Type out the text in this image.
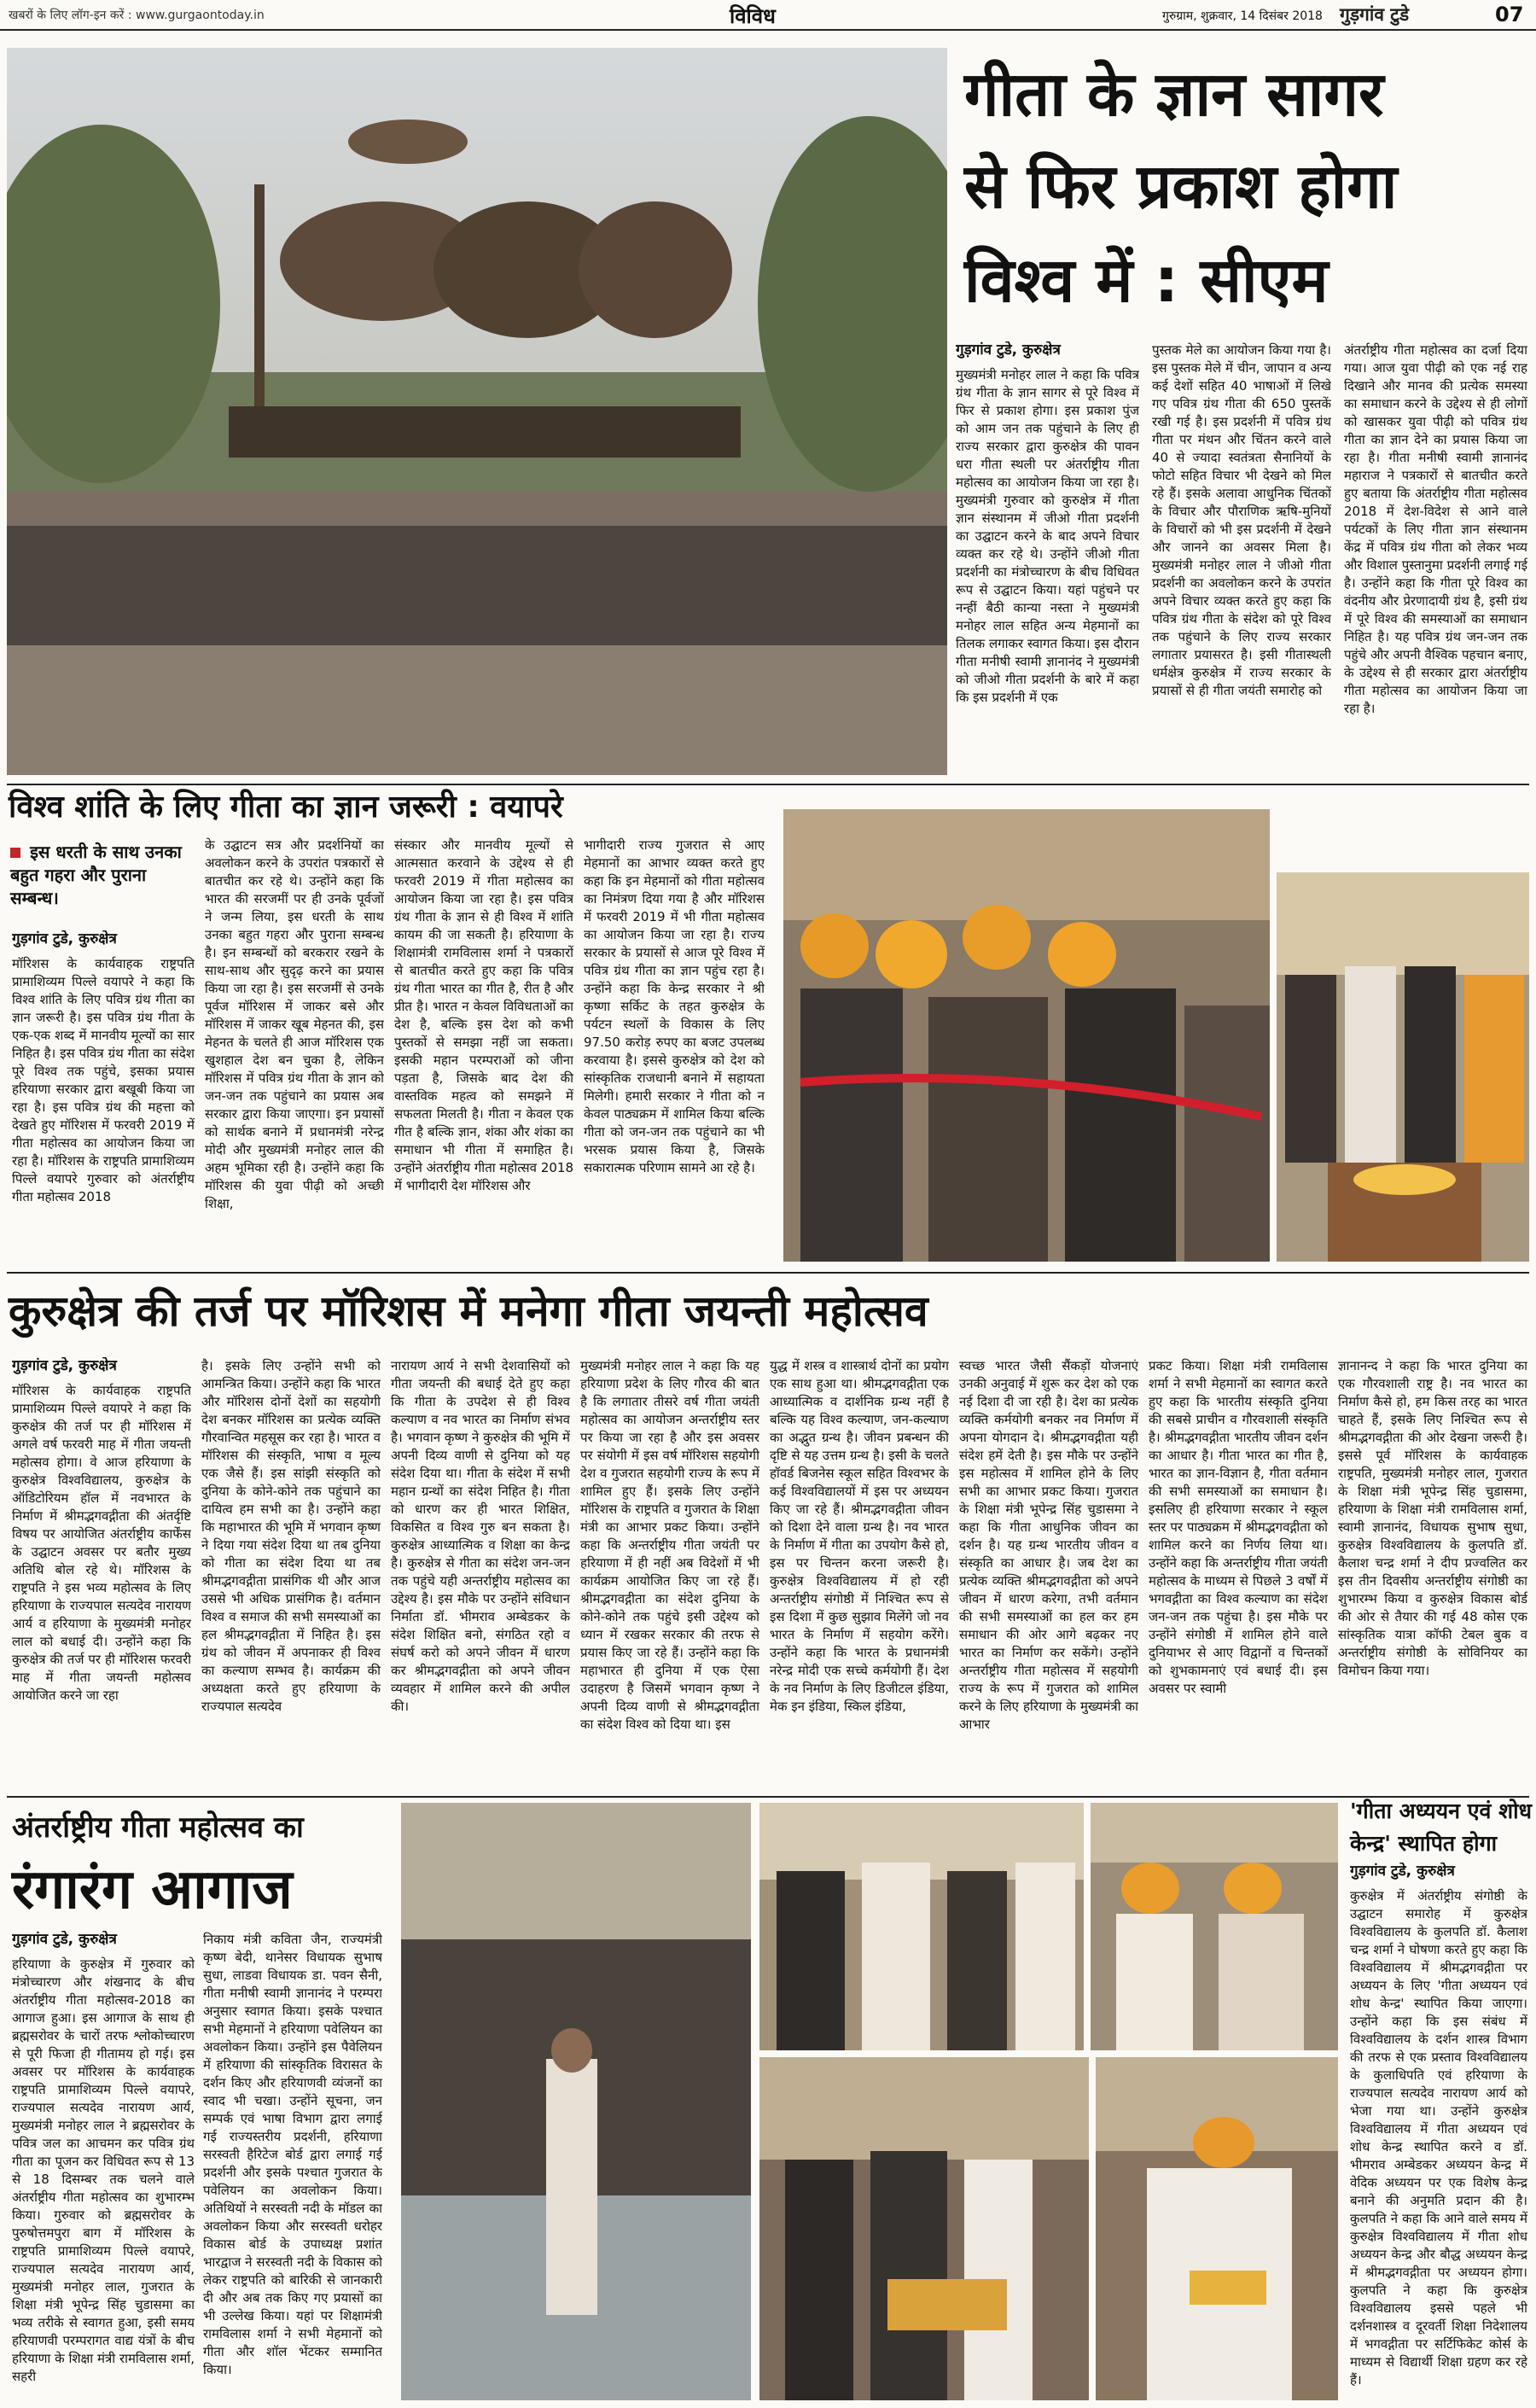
खबरों के लिए लॉग-इन करें : www.gurgaontoday.in	विविध	गुरुग्राम, शुक्रवार, 14 दिसंबर 2018 गुड़गांव टुडे	07
गीता के ज्ञान सागर
से फिर प्रकाश होगा
विश्व में : सीएम
गुड़गांव टुडे, कुरुक्षेत्र
मुख्यमंत्री मनोहर लाल ने कहा कि पवित्र ग्रंथ गीता के ज्ञान सागर से पूरे विश्व में फिर से प्रकाश होगा। इस प्रकाश पुंज को आम जन तक पहुंचाने के लिए ही राज्य सरकार द्वारा कुरुक्षेत्र की पावन धरा गीता स्थली पर अंतर्राष्ट्रीय गीता महोत्सव का आयोजन किया जा रहा है। मुख्यमंत्री गुरुवार को कुरुक्षेत्र में गीता ज्ञान संस्थानम में जीओ गीता प्रदर्शनी का उद्घाटन करने के बाद अपने विचार व्यक्त कर रहे थे। उन्होंने जीओ गीता प्रदर्शनी का मंत्रोच्चारण के बीच विधिवत रूप से उद्घाटन किया। यहां पहुंचने पर नन्हीं बैठी कान्या नस्ता ने मुख्यमंत्री मनोहर लाल सहित अन्य मेहमानों का तिलक लगाकर स्वागत किया। इस दौरान गीता मनीषी स्वामी ज्ञानानंद ने मुख्यमंत्री को जीओ गीता प्रदर्शनी के बारे में कहा कि इस प्रदर्शनी में एक
पुस्तक मेले का आयोजन किया गया है। इस पुस्तक मेले में चीन, जापान व अन्य कई देशों सहित 40 भाषाओं में लिखे गए पवित्र ग्रंथ गीता की 650 पुस्तकें रखी गई है। इस प्रदर्शनी में पवित्र ग्रंथ गीता पर मंथन और चिंतन करने वाले 40 से ज्यादा स्वतंत्रता सैनानियों के फोटो सहित विचार भी देखने को मिल रहे हैं। इसके अलावा आधुनिक चिंतकों के विचार और पौराणिक ऋषि-मुनियों के विचारों को भी इस प्रदर्शनी में देखने और जानने का अवसर मिला है। मुख्यमंत्री मनोहर लाल ने जीओ गीता प्रदर्शनी का अवलोकन करने के उपरांत अपने विचार व्यक्त करते हुए कहा कि पवित्र ग्रंथ गीता के संदेश को पूरे विश्व तक पहुंचाने के लिए राज्य सरकार लगातार प्रयासरत है। इसी गीतास्थली धर्मक्षेत्र कुरुक्षेत्र में राज्य सरकार के प्रयासों से ही गीता जयंती समारोह को
अंतर्राष्ट्रीय गीता महोत्सव का दर्जा दिया गया। आज युवा पीढ़ी को एक नई राह दिखाने और मानव की प्रत्येक समस्या का समाधान करने के उद्देश्य से ही लोगों को खासकर युवा पीढ़ी को पवित्र ग्रंथ गीता का ज्ञान देने का प्रयास किया जा रहा है। गीता मनीषी स्वामी ज्ञानानंद महाराज ने पत्रकारों से बातचीत करते हुए बताया कि अंतर्राष्ट्रीय गीता महोत्सव 2018 में देश-विदेश से आने वाले पर्यटकों के लिए गीता ज्ञान संस्थानम केंद्र में पवित्र ग्रंथ गीता को लेकर भव्य और विशाल पुस्तानुमा प्रदर्शनी लगाई गई है। उन्होंने कहा कि गीता पूरे विश्व का वंदनीय और प्रेरणादायी ग्रंथ है, इसी ग्रंथ में पूरे विश्व की समस्याओं का समाधान निहित है। यह पवित्र ग्रंथ जन-जन तक पहुंचे और अपनी वैश्विक पहचान बनाए, के उद्देश्य से ही सरकार द्वारा अंतर्राष्ट्रीय गीता महोत्सव का आयोजन किया जा रहा है।
विश्व शांति के लिए गीता का ज्ञान जरूरी : वयापरे
इस धरती के साथ उनका बहुत गहरा और पुराना सम्बन्ध।
गुड़गांव टुडे, कुरुक्षेत्र
मॉरिशस के कार्यवाहक राष्ट्रपति प्रामाशिव्यम पिल्ले वयापरे ने कहा कि विश्व शांति के लिए पवित्र ग्रंथ गीता का ज्ञान जरूरी है। इस पवित्र ग्रंथ गीता के एक-एक शब्द में मानवीय मूल्यों का सार निहित है। इस पवित्र ग्रंथ गीता का संदेश पूरे विश्व तक पहुंचे, इसका प्रयास हरियाणा सरकार द्वारा बखूबी किया जा रहा है। इस पवित्र ग्रंथ की महत्ता को देखते हुए मॉरिशस में फरवरी 2019 में गीता महोत्सव का आयोजन किया जा रहा है। मॉरिशस के राष्ट्रपति प्रामाशिव्यम पिल्ले वयापरे गुरुवार को अंतर्राष्ट्रीय गीता महोत्सव 2018
के उद्घाटन सत्र और प्रदर्शनियों का अवलोकन करने के उपरांत पत्रकारों से बातचीत कर रहे थे। उन्होंने कहा कि भारत की सरजमीं पर ही उनके पूर्वजों ने जन्म लिया, इस धरती के साथ उनका बहुत गहरा और पुराना सम्बन्ध है। इन सम्बन्धों को बरकरार रखने के साथ-साथ और सुदृढ़ करने का प्रयास किया जा रहा है। इस सरजमीं से उनके पूर्वज मॉरिशस में जाकर बसे और मॉरिशस में जाकर खूब मेहनत की, इस मेहनत के चलते ही आज मॉरिशस एक खुशहाल देश बन चुका है, लेकिन मॉरिशस में पवित्र ग्रंथ गीता के ज्ञान को जन-जन तक पहुंचाने का प्रयास अब सरकार द्वारा किया जाएगा। इन प्रयासों को सार्थक बनाने में प्रधानमंत्री नरेन्द्र मोदी और मुख्यमंत्री मनोहर लाल की अहम भूमिका रही है। उन्होंने कहा कि मॉरिशस की युवा पीढ़ी को अच्छी शिक्षा,
संस्कार और मानवीय मूल्यों से आत्मसात करवाने के उद्देश्य से ही फरवरी 2019 में गीता महोत्सव का आयोजन किया जा रहा है। इस पवित्र ग्रंथ गीता के ज्ञान से ही विश्व में शांति कायम की जा सकती है। हरियाणा के शिक्षामंत्री रामविलास शर्मा ने पत्रकारों से बातचीत करते हुए कहा कि पवित्र ग्रंथ गीता भारत का गीत है, रीत है और प्रीत है। भारत न केवल विविधताओं का देश है, बल्कि इस देश को कभी पुस्तकों से समझा नहीं जा सकता। इसकी महान परम्पराओं को जीना पड़ता है, जिसके बाद देश की वास्तविक महत्व को समझने में सफलता मिलती है। गीता न केवल एक गीत है बल्कि ज्ञान, शंका और शंका का समाधान भी गीता में समाहित है। उन्होंने अंतर्राष्ट्रीय गीता महोत्सव 2018 में भागीदारी देश मॉरिशस और
भागीदारी राज्य गुजरात से आए मेहमानों का आभार व्यक्त करते हुए कहा कि इन मेहमानों को गीता महोत्सव का निमंत्रण दिया गया है और मॉरिशस में फरवरी 2019 में भी गीता महोत्सव का आयोजन किया जा रहा है। राज्य सरकार के प्रयासों से आज पूरे विश्व में पवित्र ग्रंथ गीता का ज्ञान पहुंच रहा है। उन्होंने कहा कि केन्द्र सरकार ने श्री कृष्णा सर्किट के तहत कुरुक्षेत्र के पर्यटन स्थलों के विकास के लिए 97.50 करोड़ रुपए का बजट उपलब्ध करवाया है। इससे कुरुक्षेत्र को देश को सांस्कृतिक राजधानी बनाने में सहायता मिलेगी। हमारी सरकार ने गीता को न केवल पाठ्यक्रम में शामिल किया बल्कि गीता को जन-जन तक पहुंचाने का भी भरसक प्रयास किया है, जिसके सकारात्मक परिणाम सामने आ रहे है।
कुरुक्षेत्र की तर्ज पर मॉरिशस में मनेगा गीता जयन्ती महोत्सव
गुड़गांव टुडे, कुरुक्षेत्र
मॉरिशस के कार्यवाहक राष्ट्रपति प्रामाशिव्यम पिल्ले वयापरे ने कहा कि कुरुक्षेत्र की तर्ज पर ही मॉरिशस में अगले वर्ष फरवरी माह में गीता जयन्ती महोत्सव होगा। वे आज हरियाणा के कुरुक्षेत्र विश्वविद्यालय, कुरुक्षेत्र के ऑडिटोरियम हॉल में नवभारत के निर्माण में श्रीमद्भगवद्गीता की अंतर्दृष्टि विषय पर आयोजित अंतर्राष्ट्रीय कार्फेंस के उद्घाटन अवसर पर बतौर मुख्य अतिथि बोल रहे थे। मॉरिशस के राष्ट्रपति ने इस भव्य महोत्सव के लिए हरियाणा के राज्यपाल सत्यदेव नारायण आर्य व हरियाणा के मुख्यमंत्री मनोहर लाल को बधाई दी। उन्होंने कहा कि कुरुक्षेत्र की तर्ज पर ही मॉरिशस फरवरी माह में गीता जयन्ती महोत्सव आयोजित करने जा रहा
है। इसके लिए उन्होंने सभी को आमन्त्रित किया। उन्होंने कहा कि भारत और मॉरिशस दोनों देशों का सहयोगी देश बनकर मॉरिशस का प्रत्येक व्यक्ति गौरवान्वित महसूस कर रहा है। भारत व मॉरिशस की संस्कृति, भाषा व मूल्य एक जैसे हैं। इस सांझी संस्कृति को दुनिया के कोने-कोने तक पहुंचाने का दायित्व हम सभी का है। उन्होंने कहा कि महाभारत की भूमि में भगवान कृष्ण ने दिया गया संदेश दिया था तब दुनिया को गीता का संदेश दिया था तब श्रीमद्भगवद्गीता प्रासंगिक थी और आज उससे भी अधिक प्रासंगिक है। वर्तमान विश्व व समाज की सभी समस्याओं का हल श्रीमद्भगवद्गीता में निहित है। इस ग्रंथ को जीवन में अपनाकर ही विश्व का कल्याण सम्भव है। कार्यक्रम की अध्यक्षता करते हुए हरियाणा के राज्यपाल सत्यदेव
नारायण आर्य ने सभी देशवासियों को गीता जयन्ती की बधाई देते हुए कहा कि गीता के उपदेश से ही विश्व कल्याण व नव भारत का निर्माण संभव है। भगवान कृष्ण ने कुरुक्षेत्र की भूमि में अपनी दिव्य वाणी से दुनिया को यह संदेश दिया था। गीता के संदेश में सभी महान ग्रन्थों का संदेश निहित है। गीता को धारण कर ही भारत शिक्षित, विकसित व विश्व गुरु बन सकता है। कुरुक्षेत्र आध्यात्मिक व शिक्षा का केन्द्र है। कुरुक्षेत्र से गीता का संदेश जन-जन तक पहुंचे यही अन्तर्राष्ट्रीय महोत्सव का उद्देश्य है। इस मौके पर उन्होंने संविधान निर्माता डॉ. भीमराव अम्बेडकर के संदेश शिक्षित बनो, संगठित रहो व संघर्ष करो को अपने जीवन में धारण कर श्रीमद्भगवद्गीता को अपने जीवन व्यवहार में शामिल करने की अपील की।
मुख्यमंत्री मनोहर लाल ने कहा कि यह हरियाणा प्रदेश के लिए गौरव की बात है कि लगातार तीसरे वर्ष गीता जयंती महोत्सव का आयोजन अन्तर्राष्ट्रीय स्तर पर किया जा रहा है और इस अवसर पर संयोगी में इस वर्ष मॉरिशस सहयोगी देश व गुजरात सहयोगी राज्य के रूप में शामिल हुए हैं। इसके लिए उन्होंने मॉरिशस के राष्ट्रपति व गुजरात के शिक्षा मंत्री का आभार प्रकट किया। उन्होंने कहा कि अन्तर्राष्ट्रीय गीता जयंती पर हरियाणा में ही नहीं अब विदेशों में भी कार्यक्रम आयोजित किए जा रहे हैं। श्रीमद्भगवद्गीता का संदेश दुनिया के कोने-कोने तक पहुंचे इसी उद्देश्य को ध्यान में रखकर सरकार की तरफ से प्रयास किए जा रहे हैं। उन्होंने कहा कि महाभारत ही दुनिया में एक ऐसा उदाहरण है जिसमें भगवान कृष्ण ने अपनी दिव्य वाणी से श्रीमद्भगवद्गीता का संदेश विश्व को दिया था। इस
युद्ध में शस्त्र व शास्त्रार्थ दोनों का प्रयोग एक साथ हुआ था। श्रीमद्भगवद्गीता एक आध्यात्मिक व दार्शनिक ग्रन्थ नहीं है बल्कि यह विश्व कल्याण, जन-कल्याण का अद्भुत ग्रन्थ है। जीवन प्रबन्धन की दृष्टि से यह उत्तम ग्रन्थ है। इसी के चलते हॉवर्ड बिजनेस स्कूल सहित विश्वभर के कई विश्वविद्यालयों में इस पर अध्ययन किए जा रहे हैं। श्रीमद्भगवद्गीता जीवन को दिशा देने वाला ग्रन्थ है। नव भारत के निर्माण में गीता का उपयोग कैसे हो, इस पर चिन्तन करना जरूरी है। कुरुक्षेत्र विश्वविद्यालय में हो रही अन्तर्राष्ट्रीय संगोष्ठी में निश्चित रूप से इस दिशा में कुछ सुझाव मिलेंगे जो नव भारत के निर्माण में सहयोग करेंगे। उन्होंने कहा कि भारत के प्रधानमंत्री नरेन्द्र मोदी एक सच्चे कर्मयोगी हैं। देश के नव निर्माण के लिए डिजीटल इंडिया, मेक इन इंडिया, स्किल इंडिया,
स्वच्छ भारत जैसी सैंकड़ों योजनाएं उनकी अनुवाई में शुरू कर देश को एक नई दिशा दी जा रही है। देश का प्रत्येक व्यक्ति कर्मयोगी बनकर नव निर्माण में अपना योगदान दे। श्रीमद्भगवद्गीता यही संदेश हमें देती है। इस मौके पर उन्होंने इस महोत्सव में शामिल होने के लिए सभी का आभार प्रकट किया। गुजरात के शिक्षा मंत्री भूपेन्द्र सिंह चुडासमा ने कहा कि गीता आधुनिक जीवन का दर्शन है। यह ग्रन्थ भारतीय जीवन व संस्कृति का आधार है। जब देश का प्रत्येक व्यक्ति श्रीमद्भगवद्गीता को अपने जीवन में धारण करेगा, तभी वर्तमान की सभी समस्याओं का हल कर हम समाधान की ओर आगे बढ़कर नए भारत का निर्माण कर सकेंगे। उन्होंने अन्तर्राष्ट्रीय गीता महोत्सव में सहयोगी राज्य के रूप में गुजरात को शामिल करने के लिए हरियाणा के मुख्यमंत्री का आभार
प्रकट किया। शिक्षा मंत्री रामविलास शर्मा ने सभी मेहमानों का स्वागत करते हुए कहा कि भारतीय संस्कृति दुनिया की सबसे प्राचीन व गौरवशाली संस्कृति है। श्रीमद्भगवद्गीता भारतीय जीवन दर्शन का आधार है। गीता भारत का गीत है, भारत का ज्ञान-विज्ञान है, गीता वर्तमान की सभी समस्याओं का समाधान है। इसलिए ही हरियाणा सरकार ने स्कूल स्तर पर पाठ्यक्रम में श्रीमद्भगवद्गीता को शामिल करने का निर्णय लिया था। उन्होंने कहा कि अन्तर्राष्ट्रीय गीता जयंती महोत्सव के माध्यम से पिछले 3 वर्षों में भगवद्गीता का विश्व कल्याण का संदेश जन-जन तक पहुंचा है। इस मौके पर उन्होंने संगोष्ठी में शामिल होने वाले दुनियाभर से आए विद्वानों व चिन्तकों को शुभकामनाएं एवं बधाई दी। इस अवसर पर स्वामी
ज्ञानानन्द ने कहा कि भारत दुनिया का एक गौरवशाली राष्ट्र है। नव भारत का निर्माण कैसे हो, हम किस तरह का भारत चाहते हैं, इसके लिए निश्चित रूप से श्रीमद्भगवद्गीता की ओर देखना जरूरी है। इससे पूर्व मॉरिशस के कार्यवाहक राष्ट्रपति, मुख्यमंत्री मनोहर लाल, गुजरात के शिक्षा मंत्री भूपेन्द्र सिंह चुडासमा, हरियाणा के शिक्षा मंत्री रामविलास शर्मा, स्वामी ज्ञानानंद, विधायक सुभाष सुधा, कुरुक्षेत्र विश्वविद्यालय के कुलपति डॉ. कैलाश चन्द्र शर्मा ने दीप प्रज्वलित कर इस तीन दिवसीय अन्तर्राष्ट्रीय संगोष्ठी का शुभारम्भ किया व कुरुक्षेत्र विकास बोर्ड की ओर से तैयार की गई 48 कोस एक सांस्कृतिक यात्रा कॉफी टेबल बुक व अन्तर्राष्ट्रीय संगोष्ठी के सोविनियर का विमोचन किया गया।
अंतर्राष्ट्रीय गीता महोत्सव का
रंगारंग आगाज
गुड़गांव टुडे, कुरुक्षेत्र
हरियाणा के कुरुक्षेत्र में गुरुवार को मंत्रोच्चारण और शंखनाद के बीच अंतर्राष्ट्रीय गीता महोत्सव-2018 का आगाज हुआ। इस आगाज के साथ ही ब्रह्मसरोवर के चारों तरफ श्लोकोच्चारण से पूरी फिजा ही गीतामय हो गई। इस अवसर पर मॉरिशस के कार्यवाहक राष्ट्रपति प्रामाशिव्यम पिल्ले वयापरे, राज्यपाल सत्यदेव नारायण आर्य, मुख्यमंत्री मनोहर लाल ने ब्रह्मसरोवर के पवित्र जल का आचमन कर पवित्र ग्रंथ गीता का पूजन कर विधिवत रूप से 13 से 18 दिसम्बर तक चलने वाले अंतर्राष्ट्रीय गीता महोत्सव का शुभारम्भ किया। गुरुवार को ब्रह्मसरोवर के पुरुषोत्तमपुरा बाग में मॉरिशस के राष्ट्रपति प्रामाशिव्यम पिल्ले वयापरे, राज्यपाल सत्यदेव नारायण आर्य, मुख्यमंत्री मनोहर लाल, गुजरात के शिक्षा मंत्री भूपेन्द्र सिंह चुडासमा का भव्य तरीके से स्वागत हुआ, इसी समय हरियाणवी परम्परागत वाद्य यंत्रों के बीच हरियाणा के शिक्षा मंत्री रामविलास शर्मा, सहरी
निकाय मंत्री कविता जैन, राज्यमंत्री कृष्ण बेदी, थानेसर विधायक सुभाष सुधा, लाडवा विधायक डा. पवन सैनी, गीता मनीषी स्वामी ज्ञानानंद ने परम्परा अनुसार स्वागत किया। इसके पश्चात सभी मेहमानों ने हरियाणा पवेलियन का अवलोकन किया। उन्होंने इस पैवेलियन में हरियाणा की सांस्कृतिक विरासत के दर्शन किए और हरियाणवी व्यंजनों का स्वाद भी चखा। उन्होंने सूचना, जन सम्पर्क एवं भाषा विभाग द्वारा लगाई गई राज्यस्तरीय प्रदर्शनी, हरियाणा सरस्वती हैरिटेज बोर्ड द्वारा लगाई गई प्रदर्शनी और इसके पश्चात गुजरात के पवेलियन का अवलोकन किया। अतिथियों ने सरस्वती नदी के मॉडल का अवलोकन किया और सरस्वती धरोहर विकास बोर्ड के उपाध्यक्ष प्रशांत भारद्वाज ने सरस्वती नदी के विकास को लेकर राष्ट्रपति को बारिकी से जानकारी दी और अब तक किए गए प्रयासों का भी उल्लेख किया। यहां पर शिक्षामंत्री रामविलास शर्मा ने सभी मेहमानों को गीता और शॉल भेंटकर सम्मानित किया।
'गीता अध्ययन एवं शोध
केन्द्र' स्थापित होगा
गुड़गांव टुडे, कुरुक्षेत्र
कुरुक्षेत्र में अंतर्राष्ट्रीय संगोष्ठी के उद्घाटन समारोह में कुरुक्षेत्र विश्वविद्यालय के कुलपति डॉ. कैलाश चन्द्र शर्मा ने घोषणा करते हुए कहा कि विश्वविद्यालय में श्रीमद्भगवद्गीता पर अध्ययन के लिए 'गीता अध्ययन एवं शोध केन्द्र' स्थापित किया जाएगा। उन्होंने कहा कि इस संबंध में विश्वविद्यालय के दर्शन शास्त्र विभाग की तरफ से एक प्रस्ताव विश्वविद्यालय के कुलाधिपति एवं हरियाणा के राज्यपाल सत्यदेव नारायण आर्य को भेजा गया था। उन्होंने कुरुक्षेत्र विश्वविद्यालय में गीता अध्ययन एवं शोध केन्द्र स्थापित करने व डॉ. भीमराव अम्बेडकर अध्ययन केन्द्र में वेदिक अध्ययन पर एक विशेष केन्द्र बनाने की अनुमति प्रदान की है। कुलपति ने कहा कि आने वाले समय में कुरुक्षेत्र विश्वविद्यालय में गीता शोध अध्ययन केन्द्र और बौद्ध अध्ययन केन्द्र में श्रीमद्भगवद्गीता पर अध्ययन होगा। कुलपति ने कहा कि कुरुक्षेत्र विश्वविद्यालय इससे पहले भी दर्शनशास्त्र व दूरवर्ती शिक्षा निदेशालय में भगवद्गीता पर सर्टिफिकेट कोर्स के माध्यम से विद्यार्थी शिक्षा ग्रहण कर रहे हैं।
